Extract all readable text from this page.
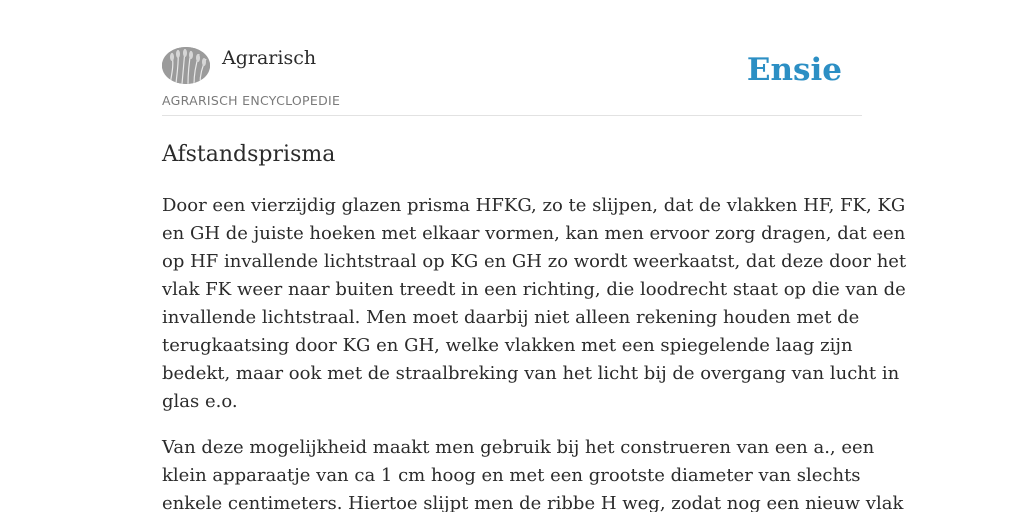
Agrarisch
AGRARISCH ENCYCLOPEDIE
Ensie
Afstandsprisma

Door een vierzijdig glazen prisma HFKG, zo te slijpen, dat de vlakken HF, FK, KG
en GH de juiste hoeken met elkaar vormen, kan men ervoor zorg dragen, dat een
op HF invallende lichtstraal op KG en GH zo wordt weerkaatst, dat deze door het
vlak FK weer naar buiten treedt in een richting, die loodrecht staat op die van de
invallende lichtstraal. Men moet daarbij niet alleen rekening houden met de
terugkaatsing door KG en GH, welke vlakken met een spiegelende laag zijn
bedekt, maar ook met de straalbreking van het licht bij de overgang van lucht in
glas e.o.

Van deze mogelijkheid maakt men gebruik bij het construeren van een a., een
klein apparaatje van ca 1 cm hoog en met een grootste diameter van slechts
enkele centimeters. Hiertoe slijpt men de ribbe H weg, zodat nog een nieuw vlak
